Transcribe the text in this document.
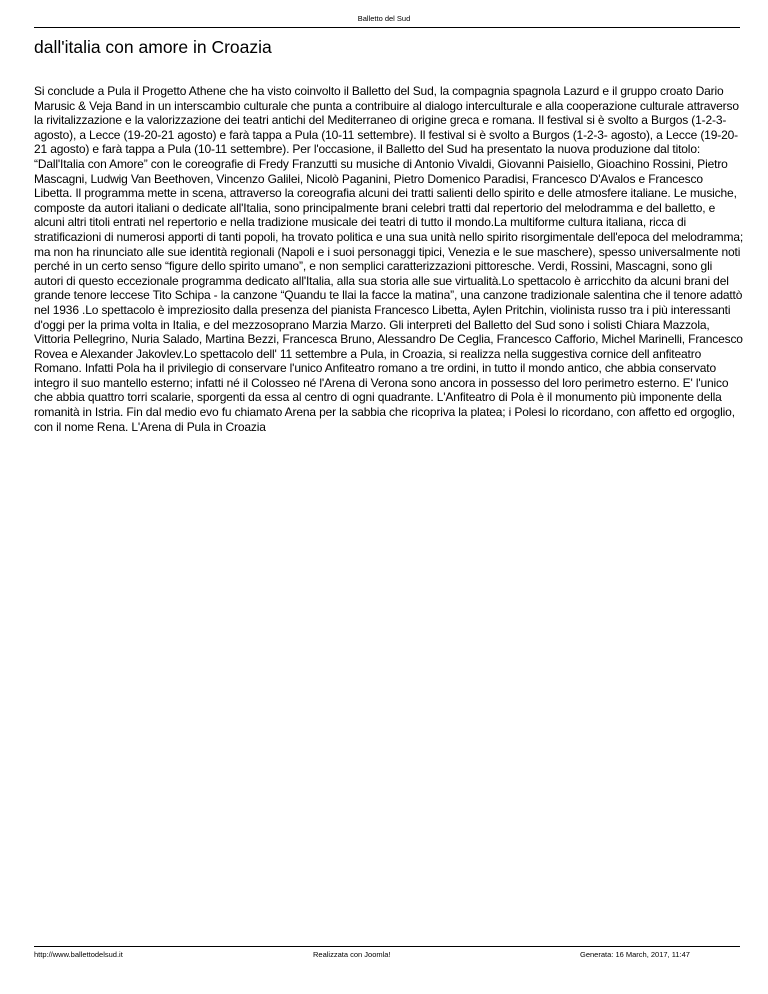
Balletto del Sud
dall'italia con amore in Croazia

Si conclude a Pula il Progetto Athene che ha visto coinvolto il Balletto del Sud, la compagnia spagnola Lazurd e il gruppo croato Dario Marusic & Veja Band in un interscambio culturale che punta a contribuire al dialogo interculturale e alla cooperazione culturale attraverso la rivitalizzazione e la valorizzazione dei teatri antichi del Mediterraneo di origine greca e romana. Il festival si è svolto a Burgos (1-2-3- agosto), a Lecce (19-20-21 agosto) e farà tappa a Pula (10-11 settembre). Il festival si è svolto a Burgos (1-2-3- agosto), a Lecce (19-20-21 agosto) e farà tappa a Pula (10-11 settembre). Per l'occasione, il Balletto del Sud ha presentato la nuova produzione dal titolo: “Dall'Italia con Amore” con le coreografie di Fredy Franzutti su musiche di Antonio Vivaldi, Giovanni Paisiello, Gioachino Rossini, Pietro Mascagni, Ludwig Van Beethoven, Vincenzo Galilei, Nicolò Paganini, Pietro Domenico Paradisi, Francesco D'Avalos e Francesco Libetta. Il programma mette in scena, attraverso la coreografia alcuni dei tratti salienti dello spirito e delle atmosfere italiane. Le musiche, composte da autori italiani o dedicate all'Italia, sono principalmente brani celebri tratti dal repertorio del melodramma e del balletto, e alcuni altri titoli entrati nel repertorio e nella tradizione musicale dei teatri di tutto il mondo.La multiforme cultura italiana, ricca di stratificazioni di numerosi apporti di tanti popoli, ha trovato politica e una sua unità nello spirito risorgimentale dell'epoca del melodramma; ma non ha rinunciato alle sue identità regionali (Napoli e i suoi personaggi tipici, Venezia e le sue maschere), spesso universalmente noti perché in un certo senso “figure dello spirito umano”, e non semplici caratterizzazioni pittoresche. Verdi, Rossini, Mascagni, sono gli autori di questo eccezionale programma dedicato all'Italia, alla sua storia alle sue virtualità.Lo spettacolo è arricchito da alcuni brani del grande tenore leccese Tito Schipa - la canzone “Quandu te llai la facce la matina”, una canzone tradizionale salentina che il tenore adattò nel 1936 .Lo spettacolo è impreziosito dalla presenza del pianista Francesco Libetta, Aylen Pritchin, violinista russo tra i più interessanti d'oggi per la prima volta in Italia, e del mezzosoprano Marzia Marzo. Gli interpreti del Balletto del Sud sono i solisti Chiara Mazzola, Vittoria Pellegrino, Nuria Salado, Martina Bezzi, Francesca Bruno, Alessandro De Ceglia, Francesco Cafforio, Michel Marinelli, Francesco Rovea e Alexander Jakovlev.Lo spettacolo dell' 11 settembre a Pula, in Croazia, si realizza nella suggestiva cornice dell anfiteatro Romano. Infatti Pola ha il privilegio di conservare l'unico Anfiteatro romano a tre ordini, in tutto il mondo antico, che abbia conservato integro il suo mantello esterno; infatti né il Colosseo né l'Arena di Verona sono ancora in possesso del loro perimetro esterno. E' l'unico che abbia quattro torri scalarie, sporgenti da essa al centro di ogni quadrante. L'Anfiteatro di Pola è il monumento più imponente della romanità in Istria. Fin dal medio evo fu chiamato Arena per la sabbia che ricopriva la platea; i Polesi lo ricordano, con affetto ed orgoglio, con il nome Rena. L'Arena di Pula in Croazia

http://www.ballettodelsud.it	Realizzata con Joomla!	Generata: 16 March, 2017, 11:47
